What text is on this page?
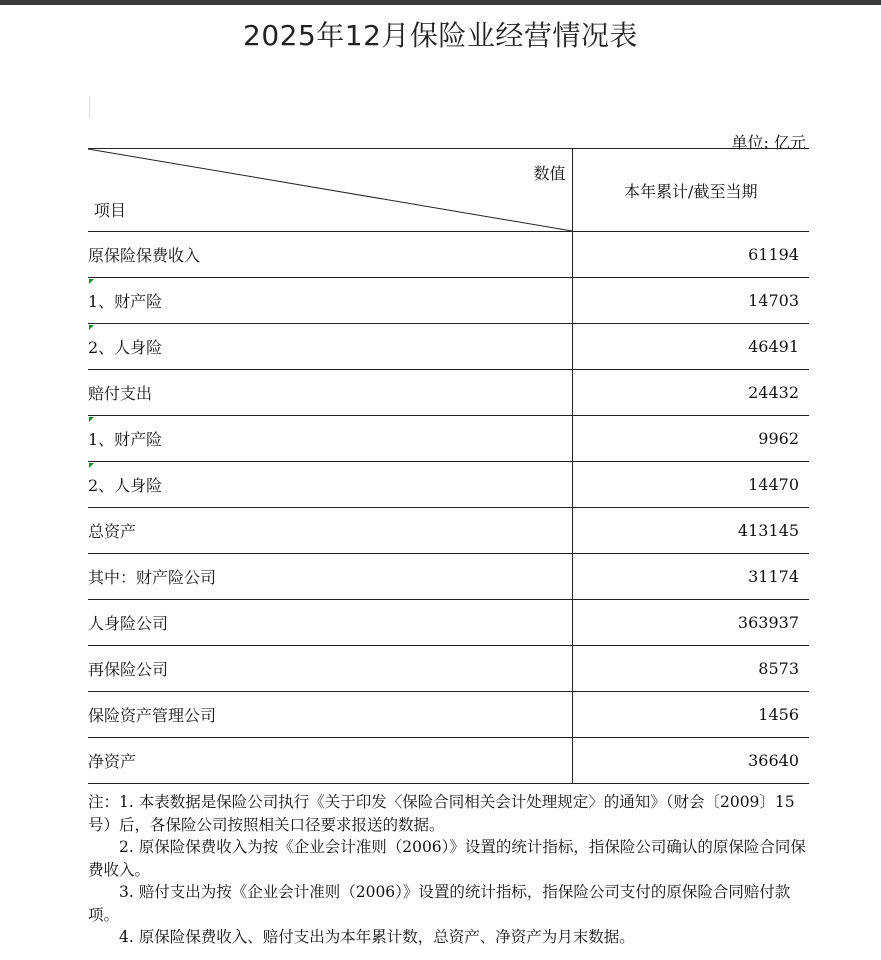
2025年12月保险业经营情况表
单位: 亿元
数值
项目	本年累计/截至当期
原保险保费收入	61194

1、财产险	14703

2、人身险	46491
赔付支出	24432

1、财产险	9962

2、人身险	14470
总资产	413145
其中：财产险公司	31174
人身险公司	363937
再保险公司	8573
保险资产管理公司	1456
净资产	36640

注：1. 本表数据是保险公司执行《关于印发〈保险合同相关会计处理规定〉的通知》（财会〔2009〕15号）后，各保险公司按照相关口径要求报送的数据。

2. 原保险保费收入为按《企业会计准则（2006）》设置的统计指标，指保险公司确认的原保险合同保费收入。

3. 赔付支出为按《企业会计准则（2006）》设置的统计指标，指保险公司支付的原保险合同赔付款项。

4. 原保险保费收入、赔付支出为本年累计数，总资产、净资产为月末数据。
